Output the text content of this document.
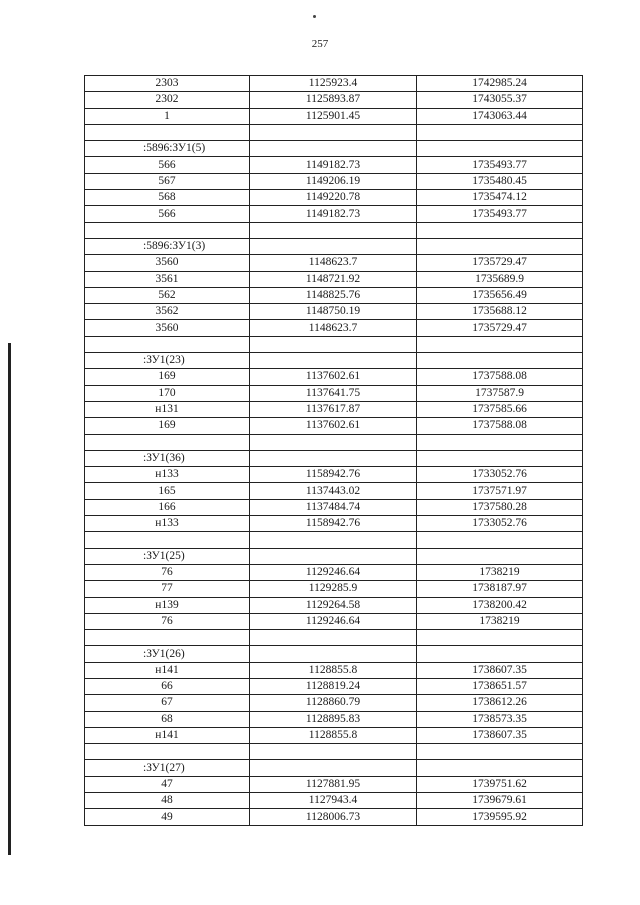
257
2303	1125923.4	1742985.24
2302	1125893.87	1743055.37
1	1125901.45	1743063.44

:5896:ЗУ1(5)		
566	1149182.73	1735493.77
567	1149206.19	1735480.45
568	1149220.78	1735474.12
566	1149182.73	1735493.77

:5896:ЗУ1(3)		
3560	1148623.7	1735729.47
3561	1148721.92	1735689.9
562	1148825.76	1735656.49
3562	1148750.19	1735688.12
3560	1148623.7	1735729.47

:ЗУ1(23)		
169	1137602.61	1737588.08
170	1137641.75	1737587.9
н131	1137617.87	1737585.66
169	1137602.61	1737588.08

:ЗУ1(36)		
н133	1158942.76	1733052.76
165	1137443.02	1737571.97
166	1137484.74	1737580.28
н133	1158942.76	1733052.76

:ЗУ1(25)		
76	1129246.64	1738219
77	1129285.9	1738187.97
н139	1129264.58	1738200.42
76	1129246.64	1738219

:ЗУ1(26)		
н141	1128855.8	1738607.35
66	1128819.24	1738651.57
67	1128860.79	1738612.26
68	1128895.83	1738573.35
н141	1128855.8	1738607.35

:ЗУ1(27)		
47	1127881.95	1739751.62
48	1127943.4	1739679.61
49	1128006.73	1739595.92
